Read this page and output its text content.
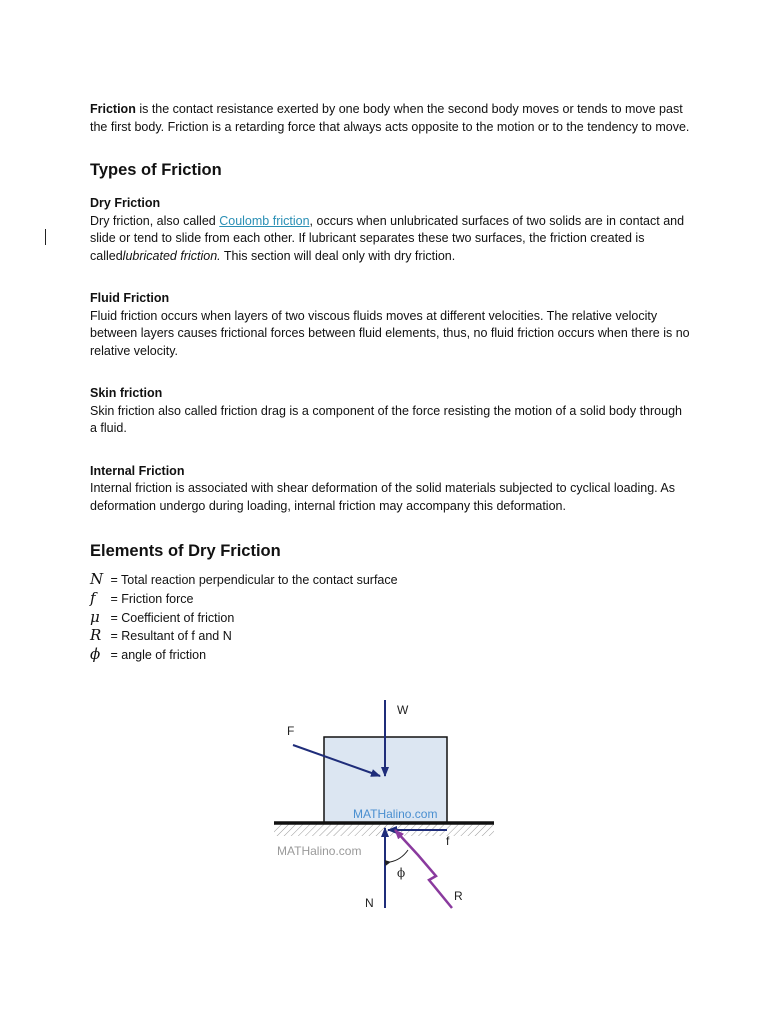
Friction is the contact resistance exerted by one body when the second body moves or tends to move past the first body. Friction is a retarding force that always acts opposite to the motion or to the tendency to move.

Types of Friction
Dry Friction

Dry friction, also called Coulomb friction, occurs when unlubricated surfaces of two solids are in contact and slide or tend to slide from each other. If lubricant separates these two surfaces, the friction created is calledlubricated friction. This section will deal only with dry friction.

Fluid Friction

Fluid friction occurs when layers of two viscous fluids moves at different velocities. The relative velocity between layers causes frictional forces between fluid elements, thus, no fluid friction occurs when there is no relative velocity.

Skin friction

Skin friction also called friction drag is a component of the force resisting the motion of a solid body through a fluid.

Internal Friction

Internal friction is associated with shear deformation of the solid materials subjected to cyclical loading. As deformation undergo during loading, internal friction may accompany this deformation.

Elements of Dry Friction
N = Total reaction perpendicular to the contact surface
f = Friction force
μ = Coefficient of friction
R = Resultant of f and N
ϕ = angle of friction
MATHalino.com
MATHalino.com
W
F
f
N	R
ϕ
